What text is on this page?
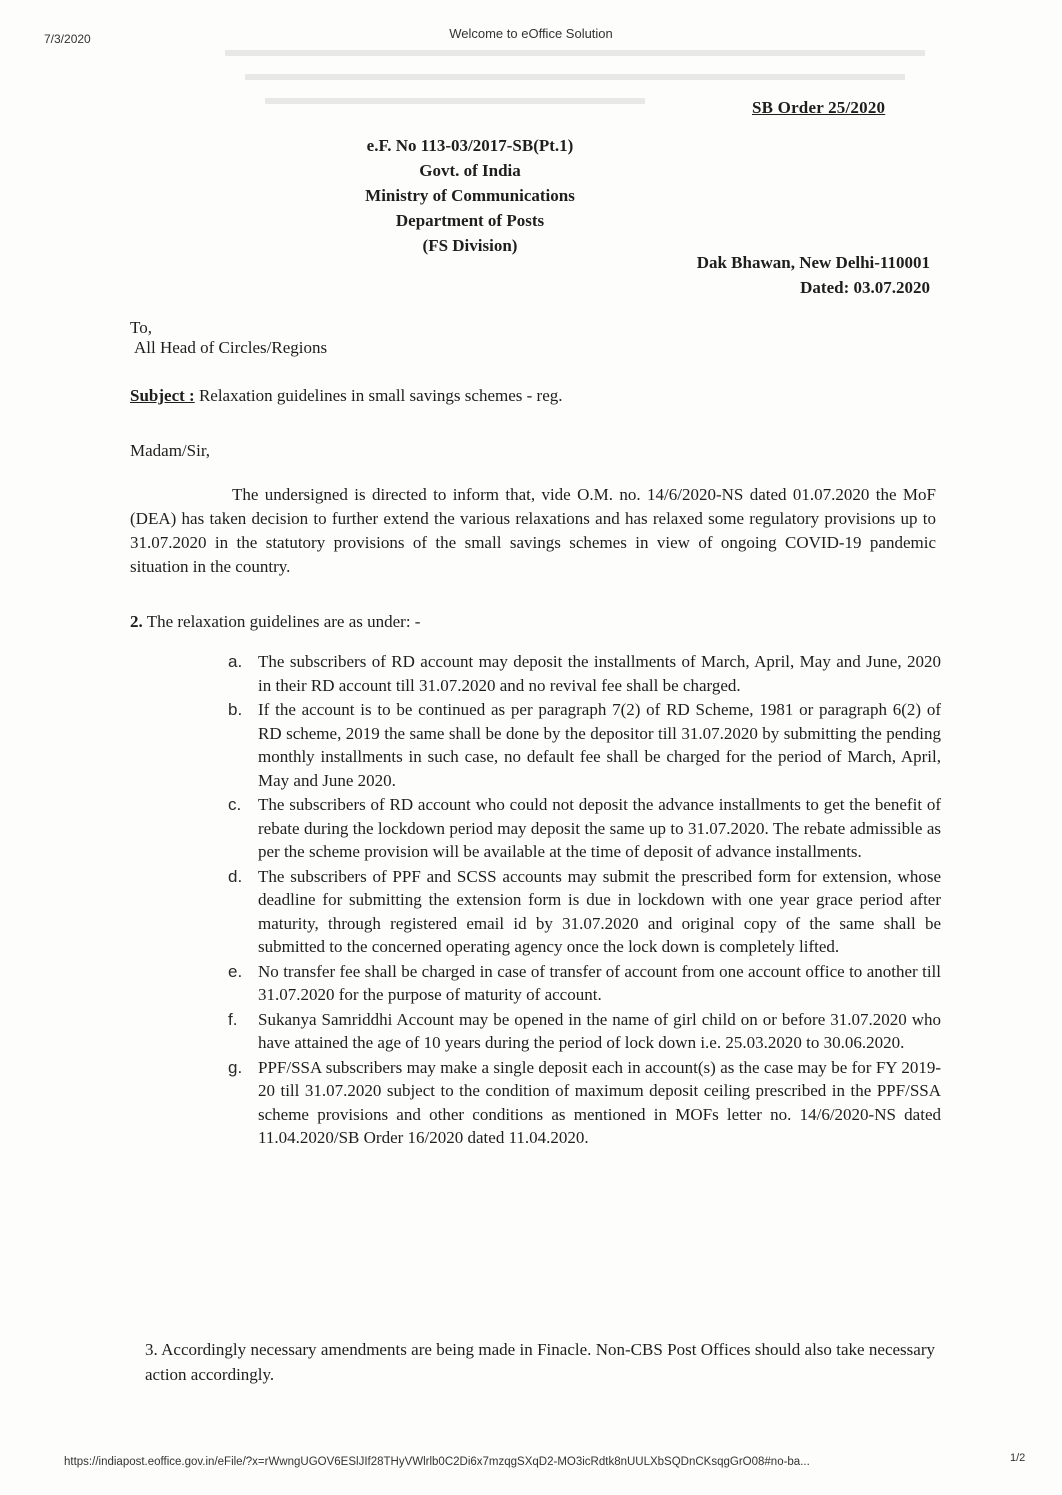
7/3/2020	Welcome to eOffice Solution
SB Order 25/2020
e.F. No 113-03/2017-SB(Pt.1)
Govt. of India
Ministry of Communications
Department of Posts
(FS Division)
Dak Bhawan, New Delhi-110001
Dated: 03.07.2020
To,
All Head of Circles/Regions
Subject : Relaxation guidelines in small savings schemes - reg.
Madam/Sir,
The undersigned is directed to inform that, vide O.M. no. 14/6/2020-NS dated 01.07.2020 the MoF (DEA) has taken decision to further extend the various relaxations and has relaxed some regulatory provisions up to 31.07.2020 in the statutory provisions of the small savings schemes in view of ongoing COVID-19 pandemic situation in the country.
2. The relaxation guidelines are as under: -
a. The subscribers of RD account may deposit the installments of March, April, May and June, 2020 in their RD account till 31.07.2020 and no revival fee shall be charged.
b. If the account is to be continued as per paragraph 7(2) of RD Scheme, 1981 or paragraph 6(2) of RD scheme, 2019 the same shall be done by the depositor till 31.07.2020 by submitting the pending monthly installments in such case, no default fee shall be charged for the period of March, April, May and June 2020.
c. The subscribers of RD account who could not deposit the advance installments to get the benefit of rebate during the lockdown period may deposit the same up to 31.07.2020. The rebate admissible as per the scheme provision will be available at the time of deposit of advance installments.
d. The subscribers of PPF and SCSS accounts may submit the prescribed form for extension, whose deadline for submitting the extension form is due in lockdown with one year grace period after maturity, through registered email id by 31.07.2020 and original copy of the same shall be submitted to the concerned operating agency once the lock down is completely lifted.
e. No transfer fee shall be charged in case of transfer of account from one account office to another till 31.07.2020 for the purpose of maturity of account.
f. Sukanya Samriddhi Account may be opened in the name of girl child on or before 31.07.2020 who have attained the age of 10 years during the period of lock down i.e. 25.03.2020 to 30.06.2020.
g. PPF/SSA subscribers may make a single deposit each in account(s) as the case may be for FY 2019-20 till 31.07.2020 subject to the condition of maximum deposit ceiling prescribed in the PPF/SSA scheme provisions and other conditions as mentioned in MOFs letter no. 14/6/2020-NS dated 11.04.2020/SB Order 16/2020 dated 11.04.2020.
3. Accordingly necessary amendments are being made in Finacle. Non-CBS Post Offices should also take necessary action accordingly.
https://indiapost.eoffice.gov.in/eFile/?x=rWwngUGOV6ESlJIf28THyVWlrlb0C2Di6x7mzqgSXqD2-MO3icRdtk8nUULXbSQDnCKsqgGrO08#no-ba...	1/2
